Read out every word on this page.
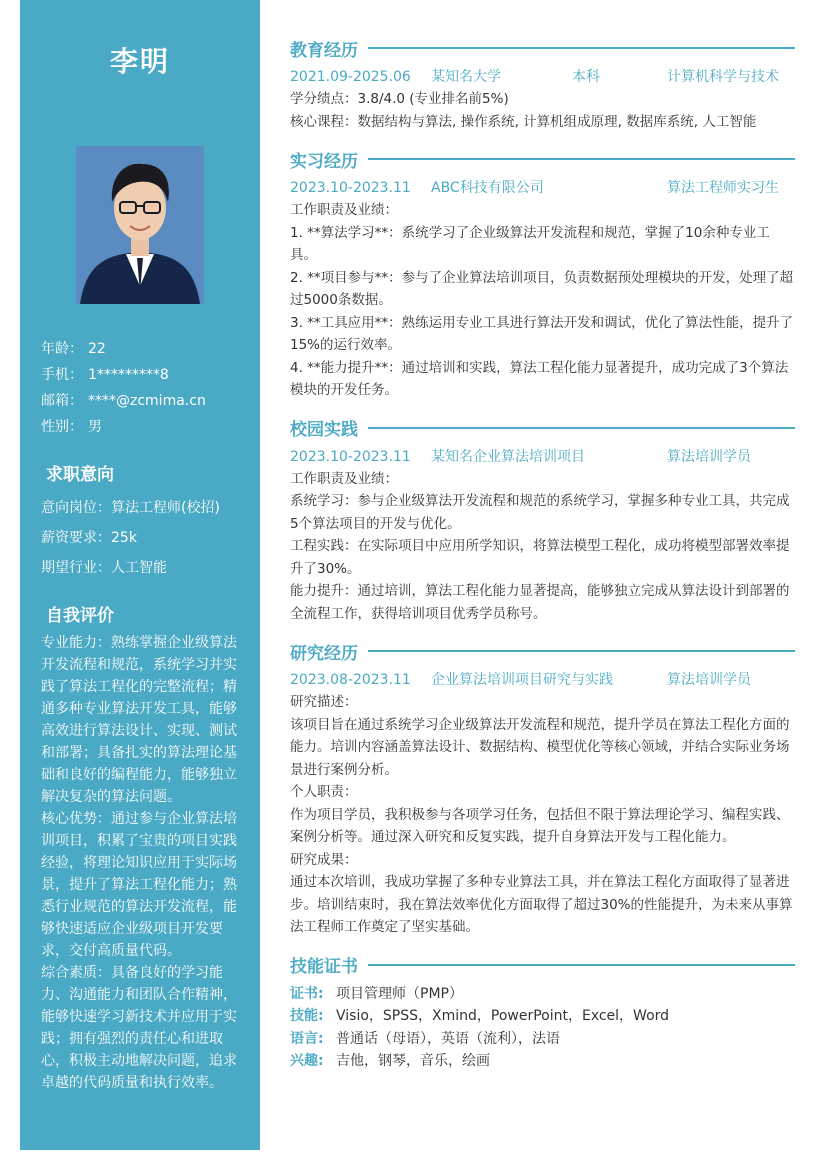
李明
年龄： 22
手机： 1*********8
邮箱： ****@zcmima.cn
性别： 男
求职意向
意向岗位：算法工程师(校招)
薪资要求：25k
期望行业：人工智能
自我评价

专业能力：熟练掌握企业级算法开发流程和规范，系统学习并实践了算法工程化的完整流程；精通多种专业算法开发工具，能够高效进行算法设计、实现、测试和部署；具备扎实的算法理论基础和良好的编程能力，能够独立解决复杂的算法问题。

核心优势：通过参与企业算法培训项目，积累了宝贵的项目实践经验，将理论知识应用于实际场景，提升了算法工程化能力；熟悉行业规范的算法开发流程，能够快速适应企业级项目开发要求，交付高质量代码。

综合素质：具备良好的学习能力、沟通能力和团队合作精神，能够快速学习新技术并应用于实践；拥有强烈的责任心和进取心，积极主动地解决问题，追求卓越的代码质量和执行效率。

教育经历
2021.09-2025.06	某知名大学	本科	计算机科学与技术

学分绩点：3.8/4.0 (专业排名前5%)

核心课程：数据结构与算法, 操作系统, 计算机组成原理, 数据库系统, 人工智能

实习经历
2023.10-2023.11	ABC科技有限公司	算法工程师实习生

工作职责及业绩：

1. **算法学习**：系统学习了企业级算法开发流程和规范，掌握了10余种专业工具。

2. **项目参与**：参与了企业算法培训项目，负责数据预处理模块的开发，处理了超过5000条数据。

3. **工具应用**：熟练运用专业工具进行算法开发和调试，优化了算法性能，提升了15%的运行效率。

4. **能力提升**：通过培训和实践，算法工程化能力显著提升，成功完成了3个算法模块的开发任务。

校园实践
2023.10-2023.11	某知名企业算法培训项目	算法培训学员

工作职责及业绩：

系统学习：参与企业级算法开发流程和规范的系统学习，掌握多种专业工具，共完成5个算法项目的开发与优化。

工程实践：在实际项目中应用所学知识，将算法模型工程化，成功将模型部署效率提升了30%。

能力提升：通过培训，算法工程化能力显著提高，能够独立完成从算法设计到部署的全流程工作，获得培训项目优秀学员称号。

研究经历
2023.08-2023.11	企业算法培训项目研究与实践	算法培训学员

研究描述：

该项目旨在通过系统学习企业级算法开发流程和规范，提升学员在算法工程化方面的能力。培训内容涵盖算法设计、数据结构、模型优化等核心领域，并结合实际业务场景进行案例分析。

个人职责：

作为项目学员，我积极参与各项学习任务，包括但不限于算法理论学习、编程实践、案例分析等。通过深入研究和反复实践，提升自身算法开发与工程化能力。

研究成果：

通过本次培训，我成功掌握了多种专业算法工具，并在算法工程化方面取得了显著进步。培训结束时，我在算法效率优化方面取得了超过30%的性能提升，为未来从事算法工程师工作奠定了坚实基础。

技能证书
证书: 项目管理师（PMP）
技能: Visio，SPSS，Xmind，PowerPoint，Excel，Word
语言: 普通话（母语），英语（流利），法语
兴趣: 吉他，钢琴，音乐，绘画
